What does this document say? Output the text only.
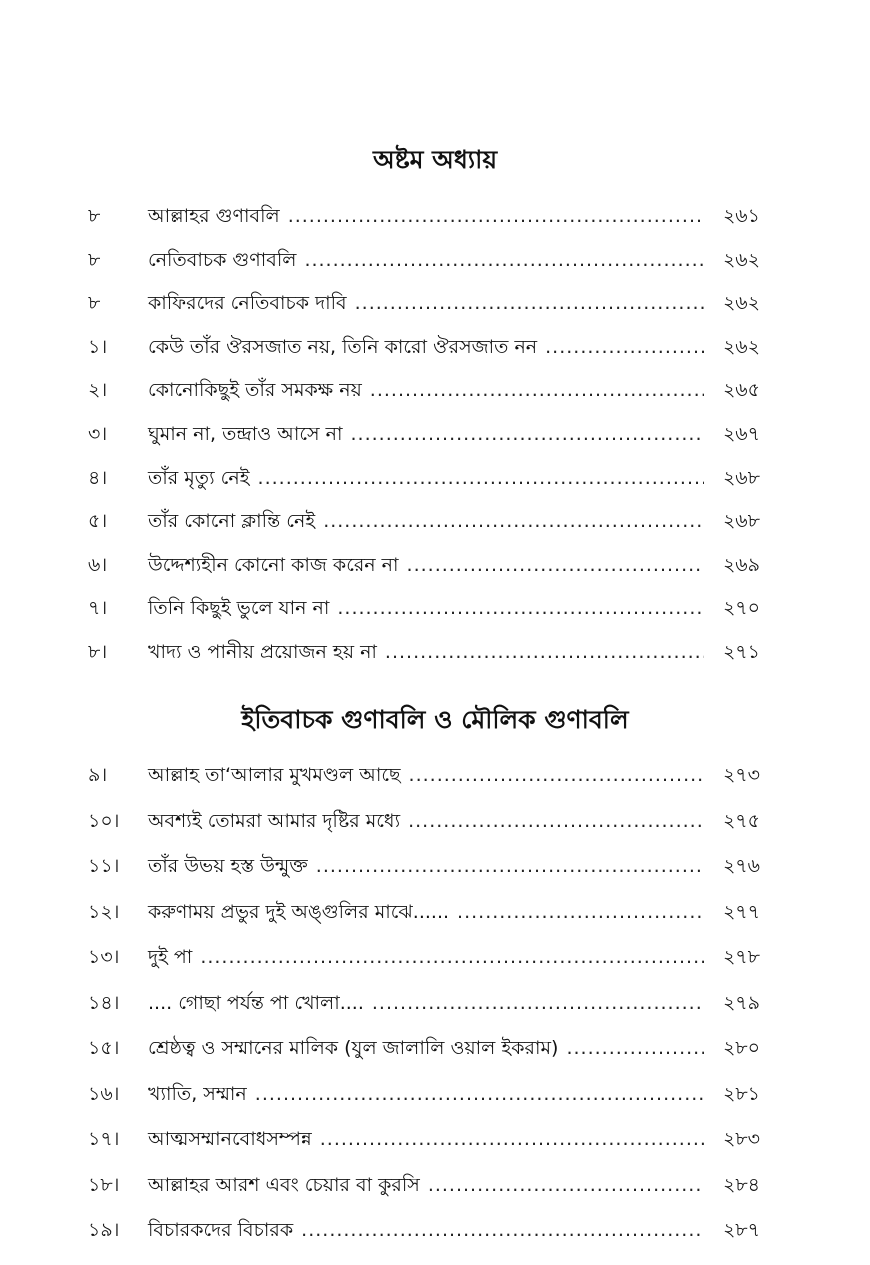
অষ্টম অধ্যায়
৮	আল্লাহর গুণাবলি .....	২৬১
৮	নেতিবাচক গুণাবলি .....	২৬২
৮	কাফিরদের নেতিবাচক দাবি .....	২৬২
১।	কেউ তাঁর ঔরসজাত নয়, তিনি কারো ঔরসজাত নন .....	২৬২
২।	কোনোকিছুই তাঁর সমকক্ষ নয় .....	২৬৫
৩।	ঘুমান না, তন্দ্রাও আসে না .....	২৬৭
৪।	তাঁর মৃত্যু নেই .....	২৬৮
৫।	তাঁর কোনো ক্লান্তি নেই .....	২৬৮
৬।	উদ্দেশ্যহীন কোনো কাজ করেন না .....	২৬৯
৭।	তিনি কিছুই ভুলে যান না .....	২৭০
৮।	খাদ্য ও পানীয় প্রয়োজন হয় না .....	২৭১
ইতিবাচক গুণাবলি ও মৌলিক গুণাবলি
৯।	আল্লাহ তা‘আলার মুখমণ্ডল আছে .....	২৭৩
১০।	অবশ্যই তোমরা আমার দৃষ্টির মধ্যে .....	২৭৫
১১।	তাঁর উভয় হস্ত উন্মুক্ত .....	২৭৬
১২।	করুণাময় প্রভুর দুই অঙ্গুলির মাঝে...... .....	২৭৭
১৩।	দুই পা .....	২৭৮
১৪।	.... গোছা পর্যন্ত পা খোলা.... .....	২৭৯
১৫।	শ্রেষ্ঠত্ব ও সম্মানের মালিক (যুল জালালি ওয়াল ইকরাম) .....	২৮০
১৬।	খ্যাতি, সম্মান .....	২৮১
১৭।	আত্মসম্মানবোধসম্পন্ন .....	২৮৩
১৮।	আল্লাহর আরশ এবং চেয়ার বা কুরসি .....	২৮৪
১৯।	বিচারকদের বিচারক .....	২৮৭
